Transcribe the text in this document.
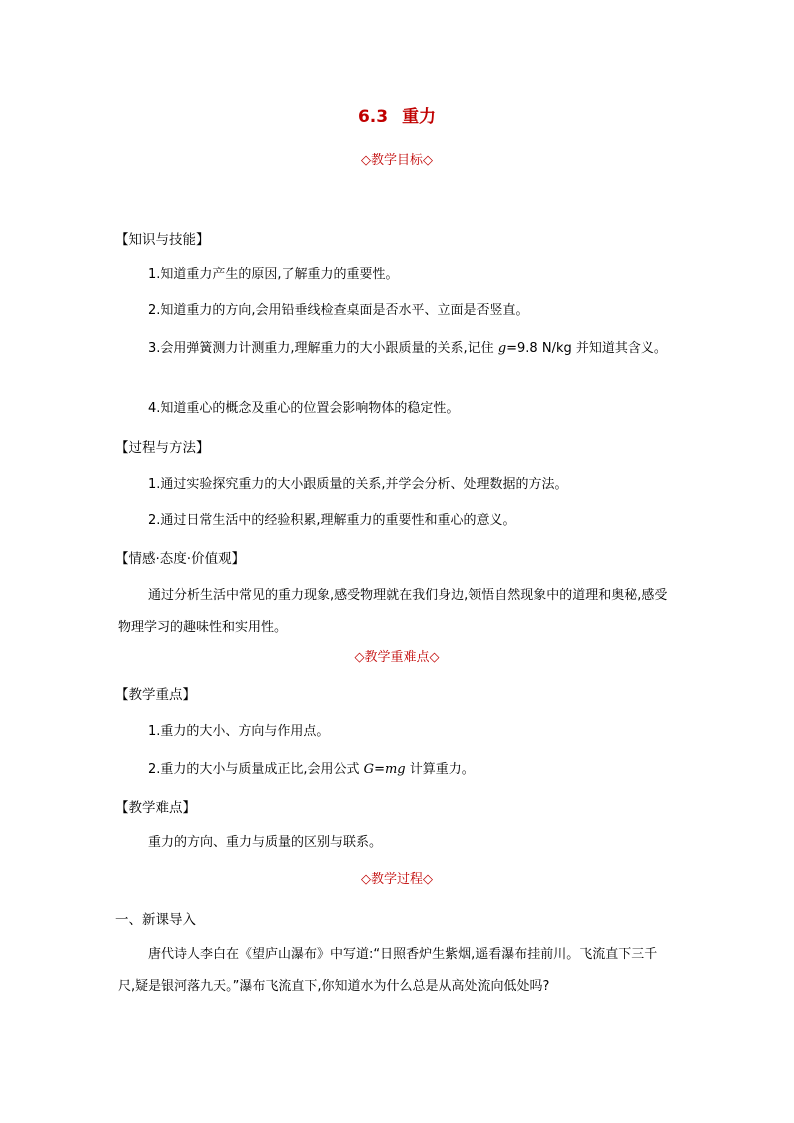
6.3 重力
◇教学目标◇
【知识与技能】
1.知道重力产生的原因,了解重力的重要性。
2.知道重力的方向,会用铅垂线检查桌面是否水平、立面是否竖直。
3.会用弹簧测力计测重力,理解重力的大小跟质量的关系,记住 g=9.8 N/kg 并知道其含义。
4.知道重心的概念及重心的位置会影响物体的稳定性。
【过程与方法】
1.通过实验探究重力的大小跟质量的关系,并学会分析、处理数据的方法。
2.通过日常生活中的经验积累,理解重力的重要性和重心的意义。
【情感·态度·价值观】
通过分析生活中常见的重力现象,感受物理就在我们身边,领悟自然现象中的道理和奥秘,感受物理学习的趣味性和实用性。
◇教学重难点◇
【教学重点】
1.重力的大小、方向与作用点。
2.重力的大小与质量成正比,会用公式 G=mg 计算重力。
【教学难点】
重力的方向、重力与质量的区别与联系。
◇教学过程◇
一、新课导入
唐代诗人李白在《望庐山瀑布》中写道:“日照香炉生紫烟,遥看瀑布挂前川。飞流直下三千尺,疑是银河落九天。”瀑布飞流直下,你知道水为什么总是从高处流向低处吗?
